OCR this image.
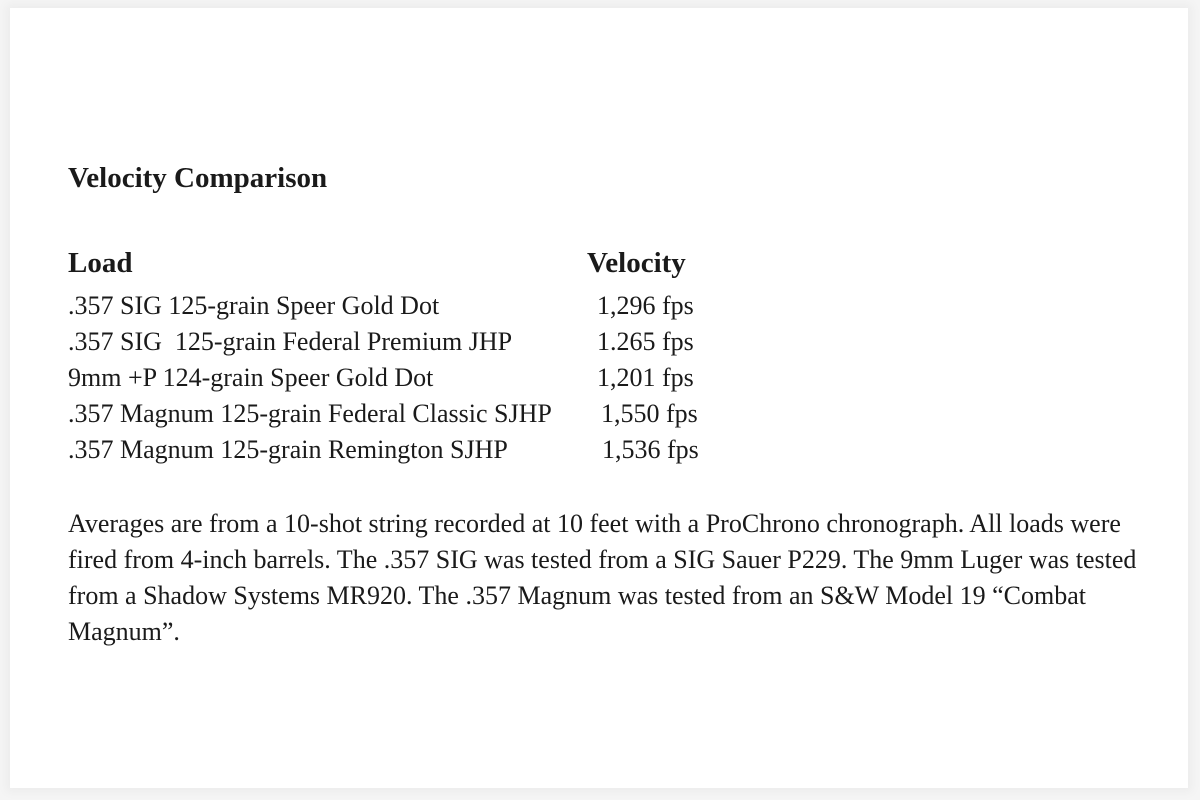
Velocity Comparison
Load	Velocity
.357 SIG 125-grain Speer Gold Dot	1,296 fps
.357 SIG  125-grain Federal Premium JHP	1.265 fps
9mm +P 124-grain Speer Gold Dot	1,201 fps
.357 Magnum 125-grain Federal Classic SJHP 1,550 fps
.357 Magnum 125-grain Remington SJHP	1,536 fps
Averages are from a 10-shot string recorded at 10 feet with a ProChrono chronograph. All loads were fired from 4-inch barrels. The .357 SIG was tested from a SIG Sauer P229. The 9mm Luger was tested from a Shadow Systems MR920. The .357 Magnum was tested from an S&W Model 19 “Combat Magnum”.
